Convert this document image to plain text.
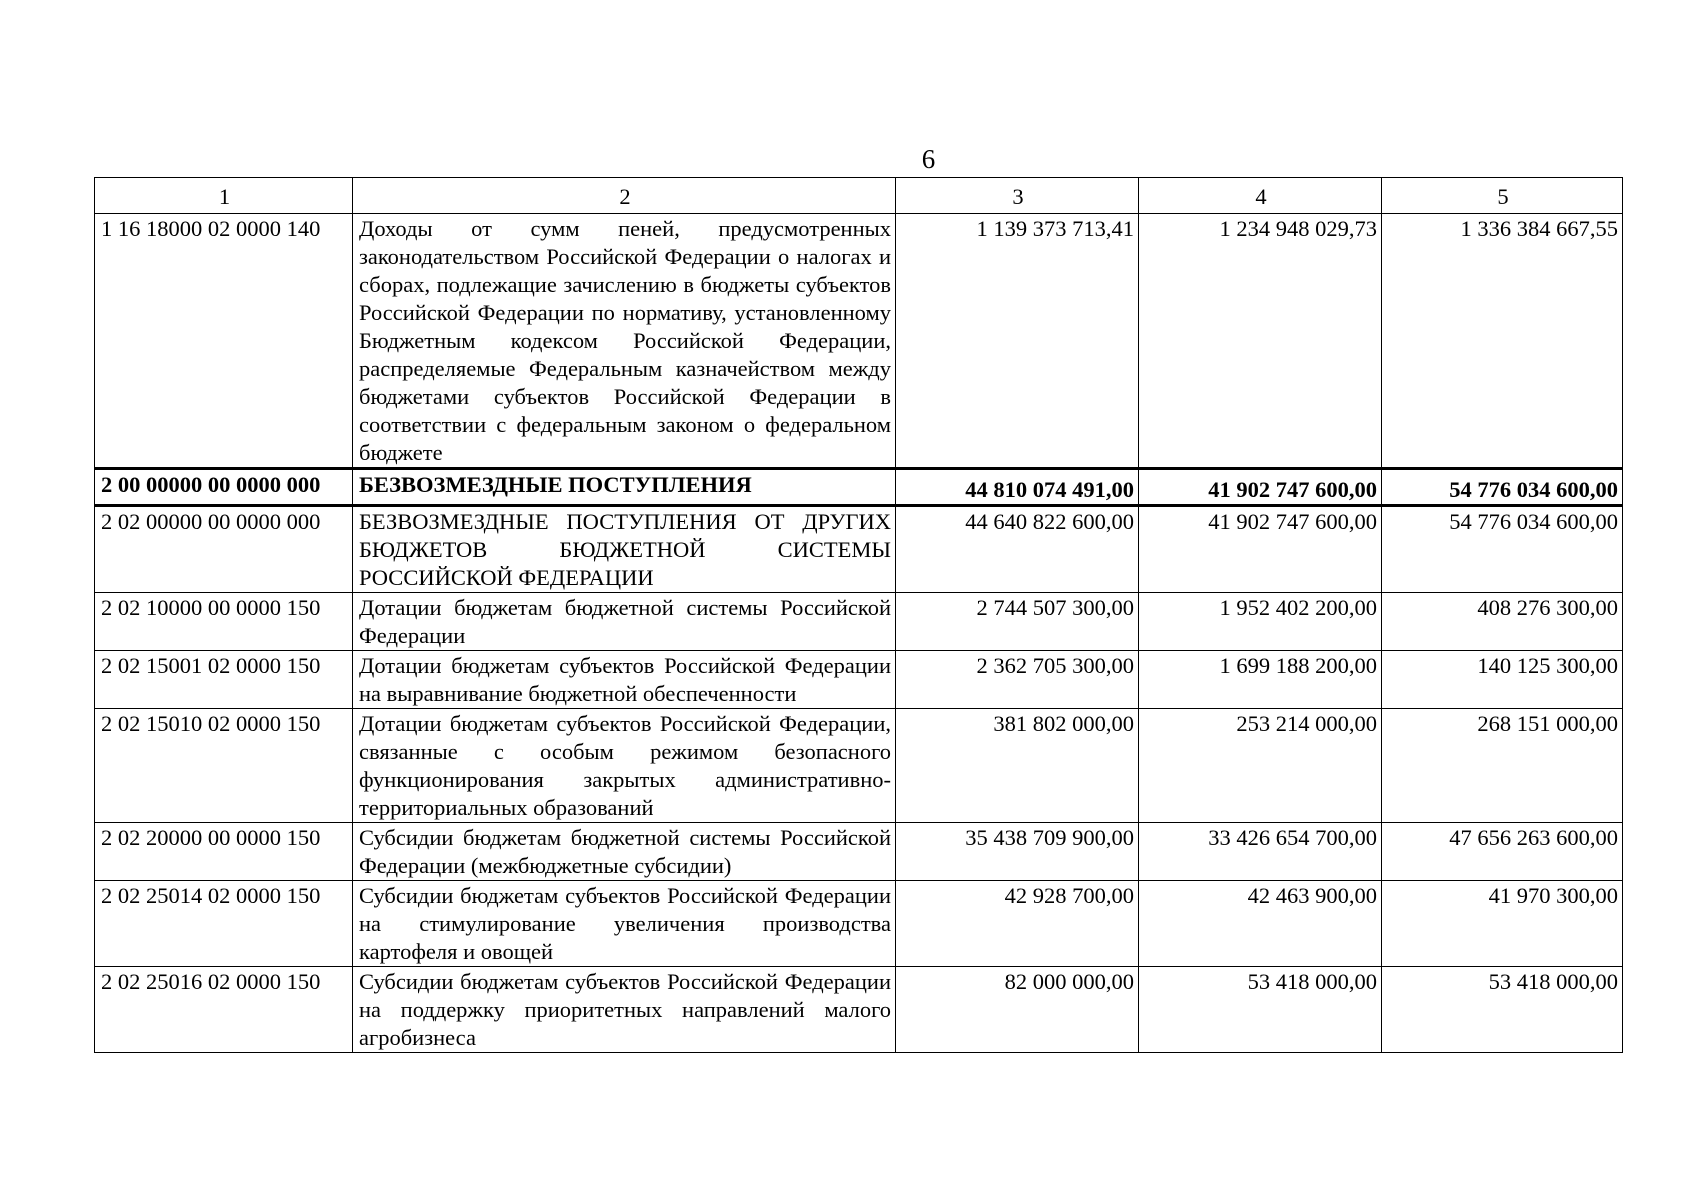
6
1	2	3	4	5
1 16 18000 02 0000 140	Доходы от сумм пеней, предусмотренных законодательством Российской Федерации о налогах и сборах, подлежащие зачислению в бюджеты субъектов Российской Федерации по нормативу, установленному Бюджетным кодексом Российской Федерации, распределяемые Федеральным казначейством между бюджетами субъектов Российской Федерации в соответствии с федеральным законом о федеральном бюджете	1 139 373 713,41	1 234 948 029,73	1 336 384 667,55
2 00 00000 00 0000 000	БЕЗВОЗМЕЗДНЫЕ ПОСТУПЛЕНИЯ	44 810 074 491,00	41 902 747 600,00	54 776 034 600,00
2 02 00000 00 0000 000	БЕЗВОЗМЕЗДНЫЕ ПОСТУПЛЕНИЯ ОТ ДРУГИХ БЮДЖЕТОВ БЮДЖЕТНОЙ СИСТЕМЫ РОССИЙСКОЙ ФЕДЕРАЦИИ	44 640 822 600,00	41 902 747 600,00	54 776 034 600,00
2 02 10000 00 0000 150	Дотации бюджетам бюджетной системы Российской Федерации	2 744 507 300,00	1 952 402 200,00	408 276 300,00
2 02 15001 02 0000 150	Дотации бюджетам субъектов Российской Федерации на выравнивание бюджетной обеспеченности	2 362 705 300,00	1 699 188 200,00	140 125 300,00
2 02 15010 02 0000 150	Дотации бюджетам субъектов Российской Федерации, связанные с особым режимом безопасного функционирования закрытых административно-территориальных образований	381 802 000,00	253 214 000,00	268 151 000,00
2 02 20000 00 0000 150	Субсидии бюджетам бюджетной системы Российской Федерации (межбюджетные субсидии)	35 438 709 900,00	33 426 654 700,00	47 656 263 600,00
2 02 25014 02 0000 150	Субсидии бюджетам субъектов Российской Федерации на стимулирование увеличения производства картофеля и овощей	42 928 700,00	42 463 900,00	41 970 300,00
2 02 25016 02 0000 150	Субсидии бюджетам субъектов Российской Федерации на поддержку приоритетных направлений малого агробизнеса	82 000 000,00	53 418 000,00	53 418 000,00
